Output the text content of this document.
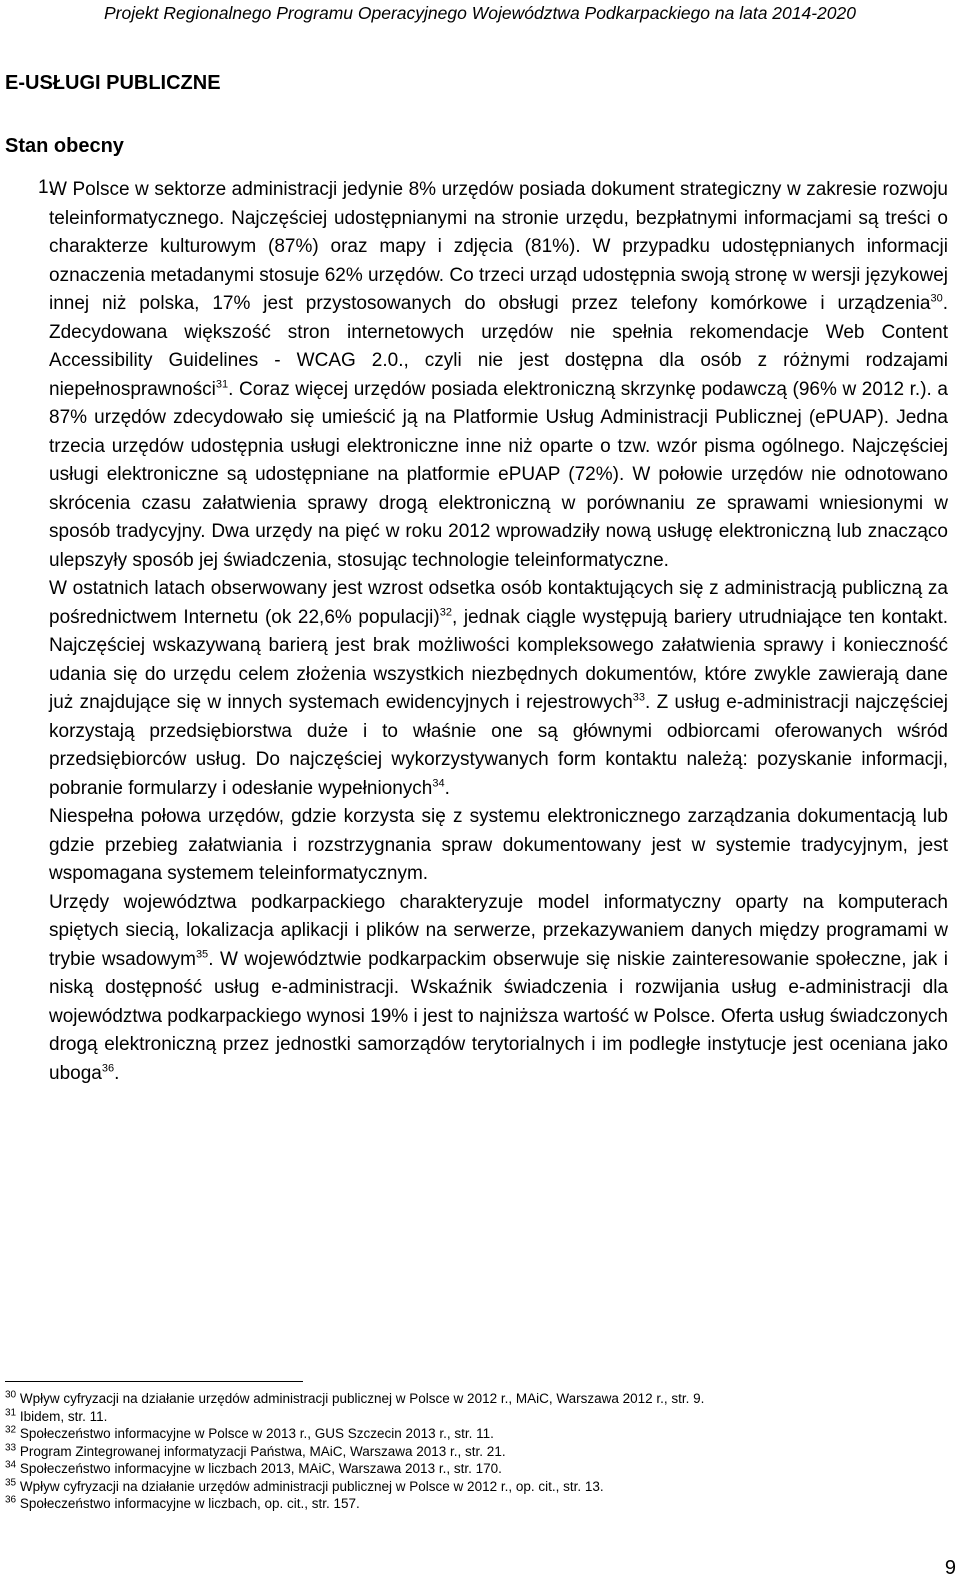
Projekt Regionalnego Programu Operacyjnego Województwa Podkarpackiego na lata 2014-2020
E-USŁUGI PUBLICZNE
Stan obecny
1.

W Polsce w sektorze administracji jedynie 8% urzędów posiada dokument strategiczny w zakresie rozwoju teleinformatycznego. Najczęściej udostępnianymi na stronie urzędu, bezpłatnymi informacjami są treści o charakterze kulturowym (87%) oraz mapy i zdjęcia (81%). W przypadku udostępnianych informacji oznaczenia metadanymi stosuje 62% urzędów. Co trzeci urząd udostępnia swoją stronę w wersji językowej innej niż polska, 17% jest przystosowanych do obsługi przez telefony komórkowe i urządzenia$^{30}$. Zdecydowana większość stron internetowych urzędów nie spełnia rekomendacje Web Content Accessibility Guidelines - WCAG 2.0., czyli nie jest dostępna dla osób z różnymi rodzajami niepełnosprawności$^{31}$. Coraz więcej urzędów posiada elektroniczną skrzynkę podawczą (96% w 2012 r.). a 87% urzędów zdecydowało się umieścić ją na Platformie Usług Administracji Publicznej (ePUAP). Jedna trzecia urzędów udostępnia usługi elektroniczne inne niż oparte o tzw. wzór pisma ogólnego. Najczęściej usługi elektroniczne są udostępniane na platformie ePUAP (72%). W połowie urzędów nie odnotowano skrócenia czasu załatwienia sprawy drogą elektroniczną w porównaniu ze sprawami wniesionymi w sposób tradycyjny. Dwa urzędy na pięć w roku 2012 wprowadziły nową usługę elektroniczną lub znacząco ulepszyły sposób jej świadczenia, stosując technologie teleinformatyczne.

W ostatnich latach obserwowany jest wzrost odsetka osób kontaktujących się z administracją publiczną za pośrednictwem Internetu (ok 22,6% populacji)$^{32}$, jednak ciągle występują bariery utrudniające ten kontakt. Najczęściej wskazywaną barierą jest brak możliwości kompleksowego załatwienia sprawy i konieczność udania się do urzędu celem złożenia wszystkich niezbędnych dokumentów, które zwykle zawierają dane już znajdujące się w innych systemach ewidencyjnych i rejestrowych$^{33}$. Z usług e-administracji najczęściej korzystają przedsiębiorstwa duże i to właśnie one są głównymi odbiorcami oferowanych wśród przedsiębiorców usług. Do najczęściej wykorzystywanych form kontaktu należą: pozyskanie informacji, pobranie formularzy i odesłanie wypełnionych$^{34}$.

Niespełna połowa urzędów, gdzie korzysta się z systemu elektronicznego zarządzania dokumentacją lub gdzie przebieg załatwiania i rozstrzygnania spraw dokumentowany jest w systemie tradycyjnym, jest wspomagana systemem teleinformatycznym.

Urzędy województwa podkarpackiego charakteryzuje model informatyczny oparty na komputerach spiętych siecią, lokalizacja aplikacji i plików na serwerze, przekazywaniem danych między programami w trybie wsadowym$^{35}$. W województwie podkarpackim obserwuje się niskie zainteresowanie społeczne, jak i niską dostępność usług e-administracji. Wskaźnik świadczenia i rozwijania usług e-administracji dla województwa podkarpackiego wynosi 19% i jest to najniższa wartość w Polsce. Oferta usług świadczonych drogą elektroniczną przez jednostki samorządów terytorialnych i im podległe instytucje jest oceniana jako uboga$^{36}$.

$^{30}$ Wpływ cyfryzacji na działanie urzędów administracji publicznej w Polsce w 2012 r., MAiC, Warszawa 2012 r., str. 9.
$^{31}$ Ibidem, str. 11.
$^{32}$ Społeczeństwo informacyjne w Polsce w 2013 r., GUS Szczecin 2013 r., str. 11.
$^{33}$ Program Zintegrowanej informatyzacji Państwa, MAiC, Warszawa 2013 r., str. 21.
$^{34}$ Społeczeństwo informacyjne w liczbach 2013, MAiC, Warszawa 2013 r., str. 170.
$^{35}$ Wpływ cyfryzacji na działanie urzędów administracji publicznej w Polsce w 2012 r., op. cit., str. 13.
$^{36}$ Społeczeństwo informacyjne w liczbach, op. cit., str. 157.
9
